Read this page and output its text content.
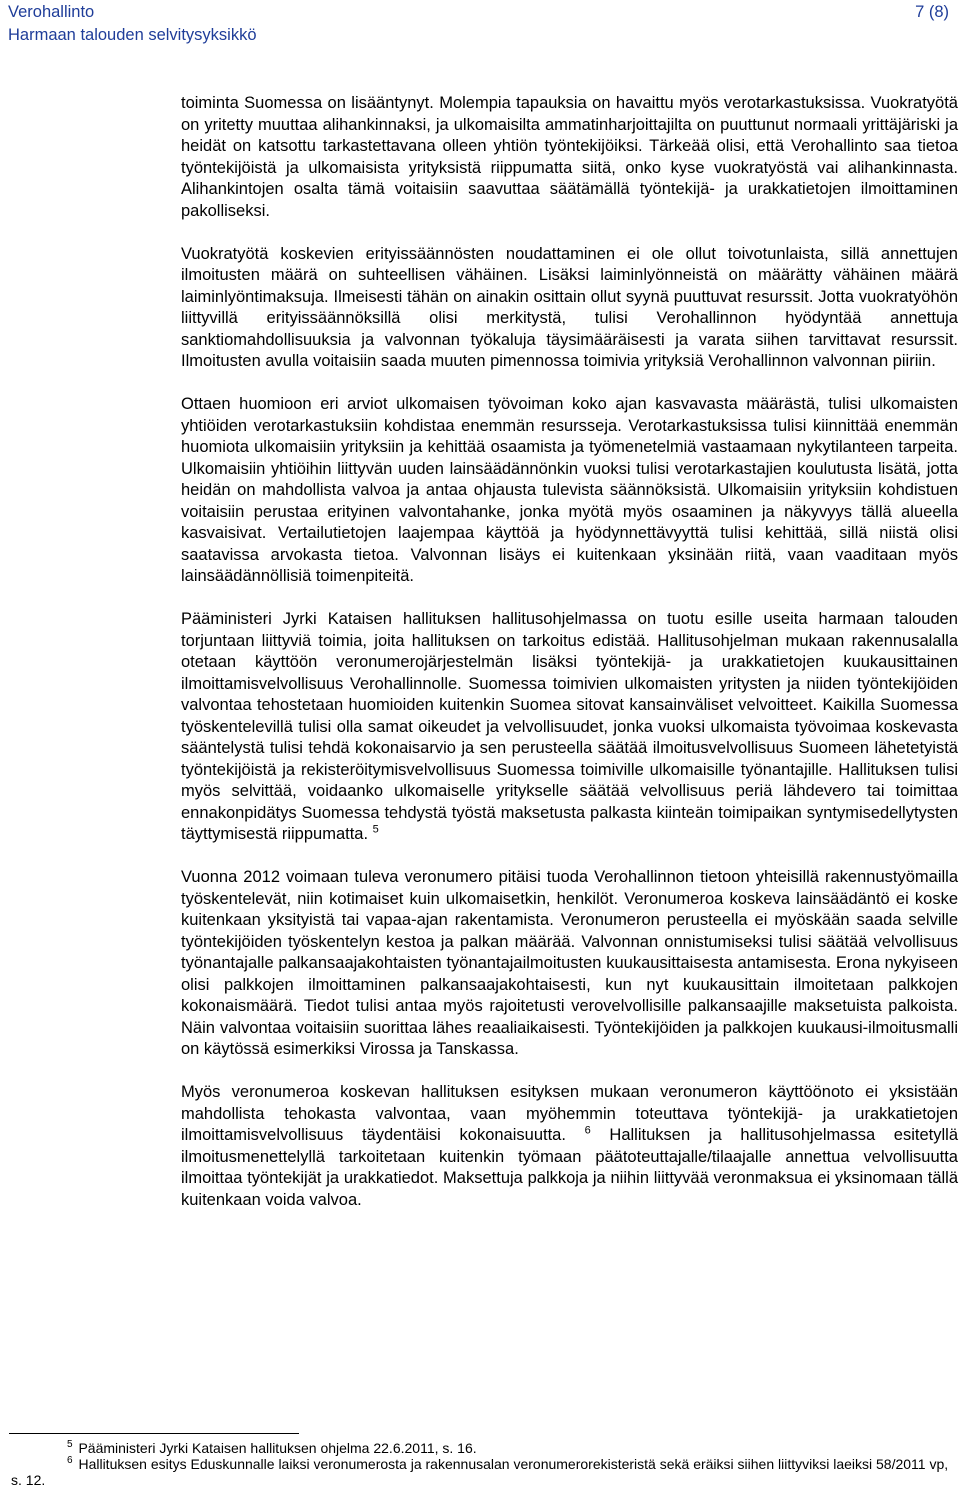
Verohallinto
Harmaan talouden selvitysyksikkö
7 (8)

toiminta Suomessa on lisääntynyt. Molempia tapauksia on havaittu myös verotarkastuksissa. Vuokratyötä on yritetty muuttaa alihankinnaksi, ja ulkomaisilta ammatinharjoittajilta on puuttunut normaali yrittäjäriski ja heidät on katsottu tarkastettavana olleen yhtiön työntekijöiksi. Tärkeää olisi, että Verohallinto saa tietoa työntekijöistä ja ulkomaisista yrityksistä riippumatta siitä, onko kyse vuokratyöstä vai alihankinnasta. Alihankintojen osalta tämä voitaisiin saavuttaa säätämällä työntekijä- ja urakkatietojen ilmoittaminen pakolliseksi.

Vuokratyötä koskevien erityissäännösten noudattaminen ei ole ollut toivotunlaista, sillä annettujen ilmoitusten määrä on suhteellisen vähäinen. Lisäksi laiminlyönneistä on määrätty vähäinen määrä laiminlyöntimaksuja. Ilmeisesti tähän on ainakin osittain ollut syynä puuttuvat resurssit. Jotta vuokratyöhön liittyvillä erityissäännöksillä olisi merkitystä, tulisi Verohallinnon hyödyntää annettuja sanktiomahdollisuuksia ja valvonnan työkaluja täysimääräisesti ja varata siihen tarvittavat resurssit. Ilmoitusten avulla voitaisiin saada muuten pimennossa toimivia yrityksiä Verohallinnon valvonnan piiriin.

Ottaen huomioon eri arviot ulkomaisen työvoiman koko ajan kasvavasta määrästä, tulisi ulkomaisten yhtiöiden verotarkastuksiin kohdistaa enemmän resursseja. Verotarkastuksissa tulisi kiinnittää enemmän huomiota ulkomaisiin yrityksiin ja kehittää osaamista ja työmenetelmiä vastaamaan nykytilanteen tarpeita. Ulkomaisiin yhtiöihin liittyvän uuden lainsäädännönkin vuoksi tulisi verotarkastajien koulutusta lisätä, jotta heidän on mahdollista valvoa ja antaa ohjausta tulevista säännöksistä. Ulkomaisiin yrityksiin kohdistuen voitaisiin perustaa erityinen valvontahanke, jonka myötä myös osaaminen ja näkyvyys tällä alueella kasvaisivat. Vertailutietojen laajempaa käyttöä ja hyödynnettävyyttä tulisi kehittää, sillä niistä olisi saatavissa arvokasta tietoa. Valvonnan lisäys ei kuitenkaan yksinään riitä, vaan vaaditaan myös lainsäädännöllisiä toimenpiteitä.

Pääministeri Jyrki Kataisen hallituksen hallitusohjelmassa on tuotu esille useita harmaan talouden torjuntaan liittyviä toimia, joita hallituksen on tarkoitus edistää. Hallitusohjelman mukaan rakennusalalla otetaan käyttöön veronumerojärjestelmän lisäksi työntekijä- ja urakkatietojen kuukausittainen ilmoittamisvelvollisuus Verohallinnolle. Suomessa toimivien ulkomaisten yritysten ja niiden työntekijöiden valvontaa tehostetaan huomioiden kuitenkin Suomea sitovat kansainväliset velvoitteet. Kaikilla Suomessa työskentelevillä tulisi olla samat oikeudet ja velvollisuudet, jonka vuoksi ulkomaista työvoimaa koskevasta sääntelystä tulisi tehdä kokonaisarvio ja sen perusteella säätää ilmoitusvelvollisuus Suomeen lähetetyistä työntekijöistä ja rekisteröitymisvelvollisuus Suomessa toimiville ulkomaisille työnantajille. Hallituksen tulisi myös selvittää, voidaanko ulkomaiselle yritykselle säätää velvollisuus periä lähdevero tai toimittaa ennakonpidätys Suomessa tehdystä työstä maksetusta palkasta kiinteän toimipaikan syntymisedellytysten täyttymisestä riippumatta. $^5$

Vuonna 2012 voimaan tuleva veronumero pitäisi tuoda Verohallinnon tietoon yhteisillä rakennustyömailla työskentelevät, niin kotimaiset kuin ulkomaisetkin, henkilöt. Veronumeroa koskeva lainsäädäntö ei koske kuitenkaan yksityistä tai vapaa-ajan rakentamista. Veronumeron perusteella ei myöskään saada selville työntekijöiden työskentelyn kestoa ja palkan määrää. Valvonnan onnistumiseksi tulisi säätää velvollisuus työnantajalle palkansaajakohtaisten työnantajailmoitusten kuukausittaisesta antamisesta. Erona nykyiseen olisi palkkojen ilmoittaminen palkansaajakohtaisesti, kun nyt kuukausittain ilmoitetaan palkkojen kokonaismäärä. Tiedot tulisi antaa myös rajoitetusti verovelvollisille palkansaajille maksetuista palkoista. Näin valvontaa voitaisiin suorittaa lähes reaaliaikaisesti. Työntekijöiden ja palkkojen kuukausi-ilmoitusmalli on käytössä esimerkiksi Virossa ja Tanskassa.

Myös veronumeroa koskevan hallituksen esityksen mukaan veronumeron käyttöönoto ei yksistään mahdollista tehokasta valvontaa, vaan myöhemmin toteuttava työntekijä- ja urakkatietojen ilmoittamisvelvollisuus täydentäisi kokonaisuutta. $^6$ Hallituksen ja hallitusohjelmassa esitetyllä ilmoitusmenettelyllä tarkoitetaan kuitenkin työmaan päätoteuttajalle/tilaajalle annettua velvollisuutta ilmoittaa työntekijät ja urakkatiedot. Maksettuja palkkoja ja niihin liittyvää veronmaksua ei yksinomaan tällä kuitenkaan voida valvoa.

$^5$ Pääministeri Jyrki Kataisen hallituksen ohjelma 22.6.2011, s. 16.

$^6$ Hallituksen esitys Eduskunnalle laiksi veronumerosta ja rakennusalan veronumerorekisteristä sekä eräiksi siihen liittyviksi laeiksi 58/2011 vp, s. 12.
